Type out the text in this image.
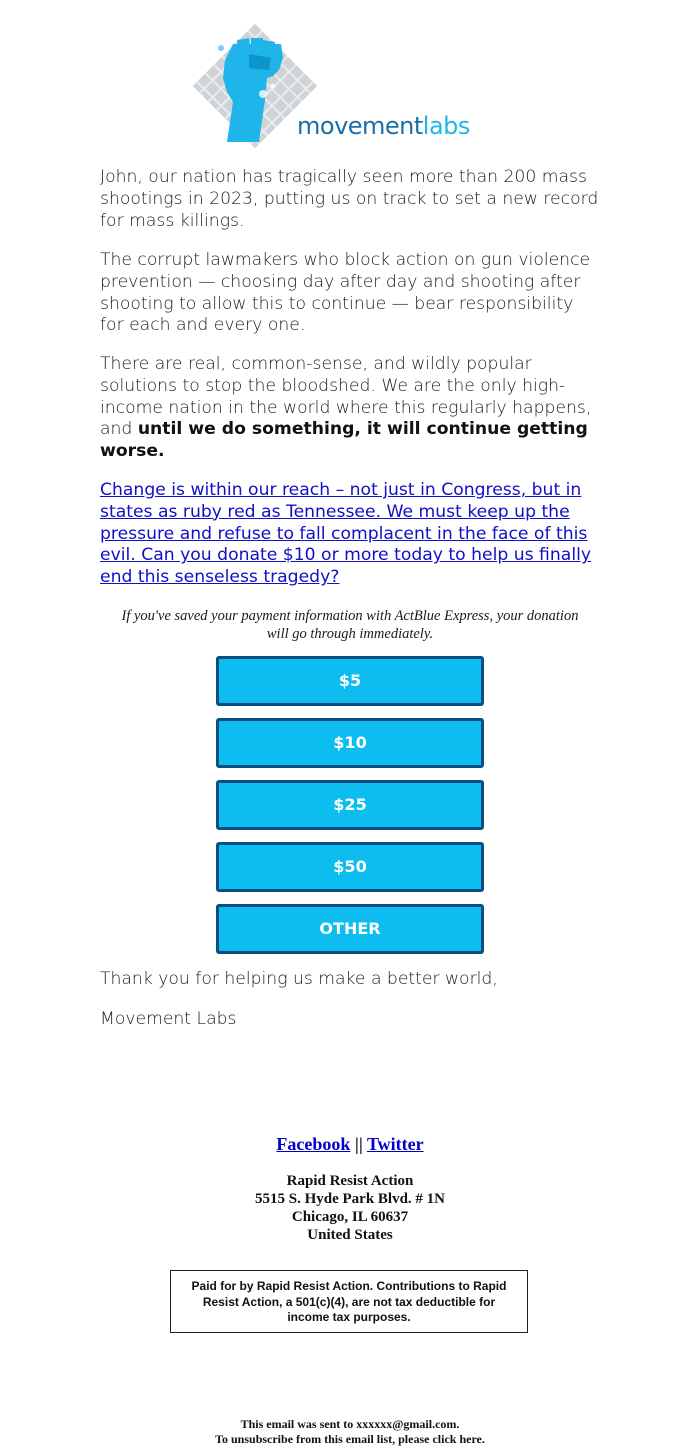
movementlabs

John, our nation has tragically seen more than 200 mass shootings in 2023, putting us on track to set a new record for mass killings.

The corrupt lawmakers who block action on gun violence prevention — choosing day after day and shooting after shooting to allow this to continue — bear responsibility for each and every one.

There are real, common-sense, and wildly popular solutions to stop the bloodshed. We are the only high-income nation in the world where this regularly happens, and until we do something, it will continue getting worse.

Change is within our reach – not just in Congress, but in states as ruby red as Tennessee. We must keep up the pressure and refuse to fall complacent in the face of this evil. Can you donate $10 or more today to help us finally end this senseless tragedy?

If you've saved your payment information with ActBlue Express, your donation will go through immediately.
$5
$10
$25
$50
OTHER

Thank you for helping us make a better world,

Movement Labs

Facebook || Twitter
Rapid Resist Action
5515 S. Hyde Park Blvd. # 1N
Chicago, IL 60637
United States
Paid for by Rapid Resist Action. Contributions to Rapid Resist Action, a 501(c)(4), are not tax deductible for income tax purposes.
This email was sent to xxxxxx@gmail.com.
To unsubscribe from this email list, please click here.
